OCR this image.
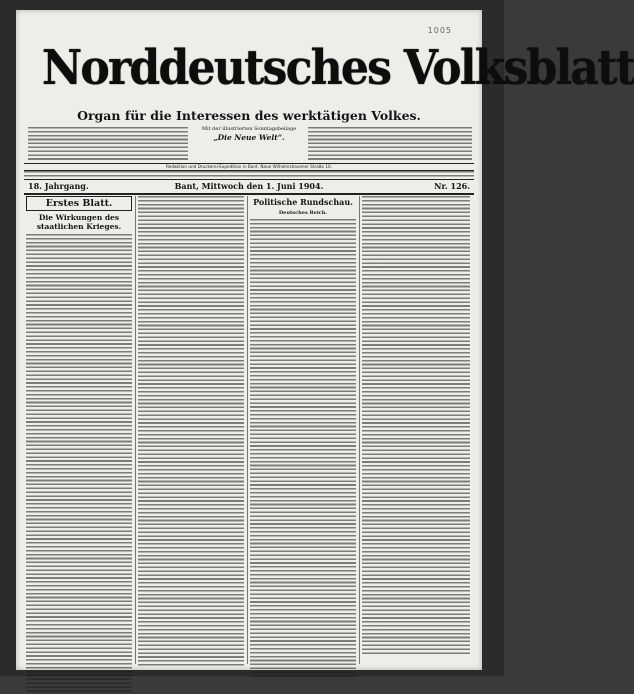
1005
Norddeutsches Volksblatt
Organ für die Interessen des werktätigen Volkes.
Mit der illustrierten Sonntagsbeilage
„Die Neue Welt“.
Redaktion und Druckerei-Expedition in Bant, Neue Wilhelmshavener Straße 10.
18. Jahrgang.	Bant, Mittwoch den 1. Juni 1904.	Nr. 126.
Erstes Blatt.
Die Wirkungen des staatlichen Krieges.
Politische Rundschau.
Deutsches Reich.
